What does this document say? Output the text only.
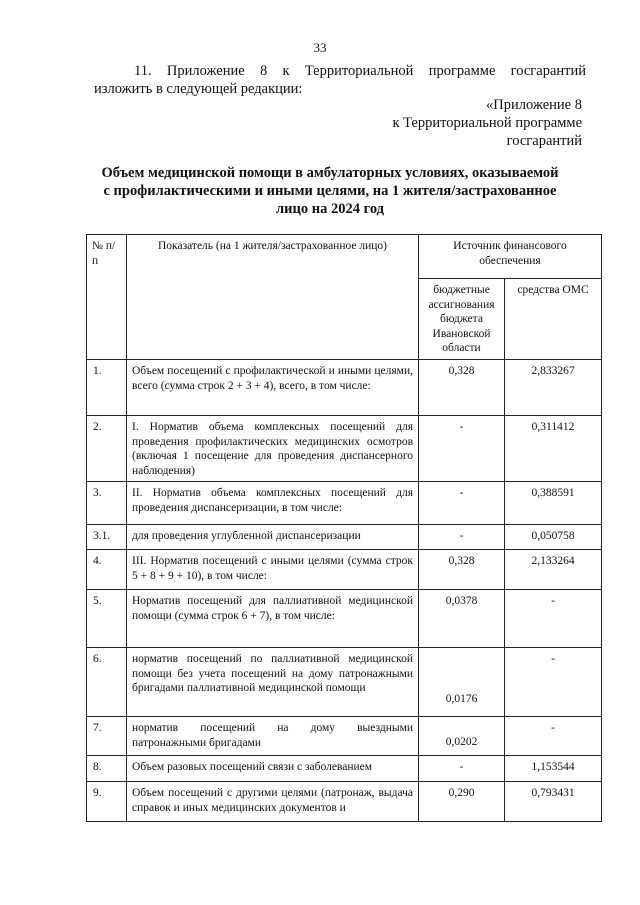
33
11. Приложение 8 к Территориальной программе госгарантий
изложить в следующей редакции:
«Приложение 8
к Территориальной программе
госгарантий
Объем медицинской помощи в амбулаторных условиях, оказываемой
с профилактическими и иными целями, на 1 жителя/застрахованное
лицо на 2024 год
№ п/п	Показатель (на 1 жителя/застрахованное лицо)	Источник финансового обеспечения	
		бюджетные ассигнования бюджета Ивановской области	средства ОМС
1.	Объем посещений с профилактической и иными целями, всего (сумма строк 2 + 3 + 4), всего, в том числе:	0,328	2,833267
2.	I. Норматив объема комплексных посещений для проведения профилактических медицинских осмотров (включая 1 посещение для проведения диспансерного наблюдения)	-	0,311412
3.	II. Норматив объема комплексных посещений для проведения диспансеризации, в том числе:	-	0,388591
3.1.	для проведения углубленной диспансеризации	-	0,050758
4.	III. Норматив посещений с иными целями (сумма строк 5 + 8 + 9 + 10), в том числе:	0,328	2,133264
5.	Норматив посещений для паллиативной медицинской помощи (сумма строк 6 + 7), в том числе:	0,0378	-
6.	норматив посещений по паллиативной медицинской помощи без учета посещений на дому патронажными бригадами паллиативной медицинской помощи	0,0176	-
7.	норматив посещений на дому выездными патронажными бригадами	0,0202	-
8.	Объем разовых посещений связи с заболеванием	-	1,153544
9.	Объем посещений с другими целями (патронаж, выдача справок и иных медицинских документов и	0,290	0,793431
